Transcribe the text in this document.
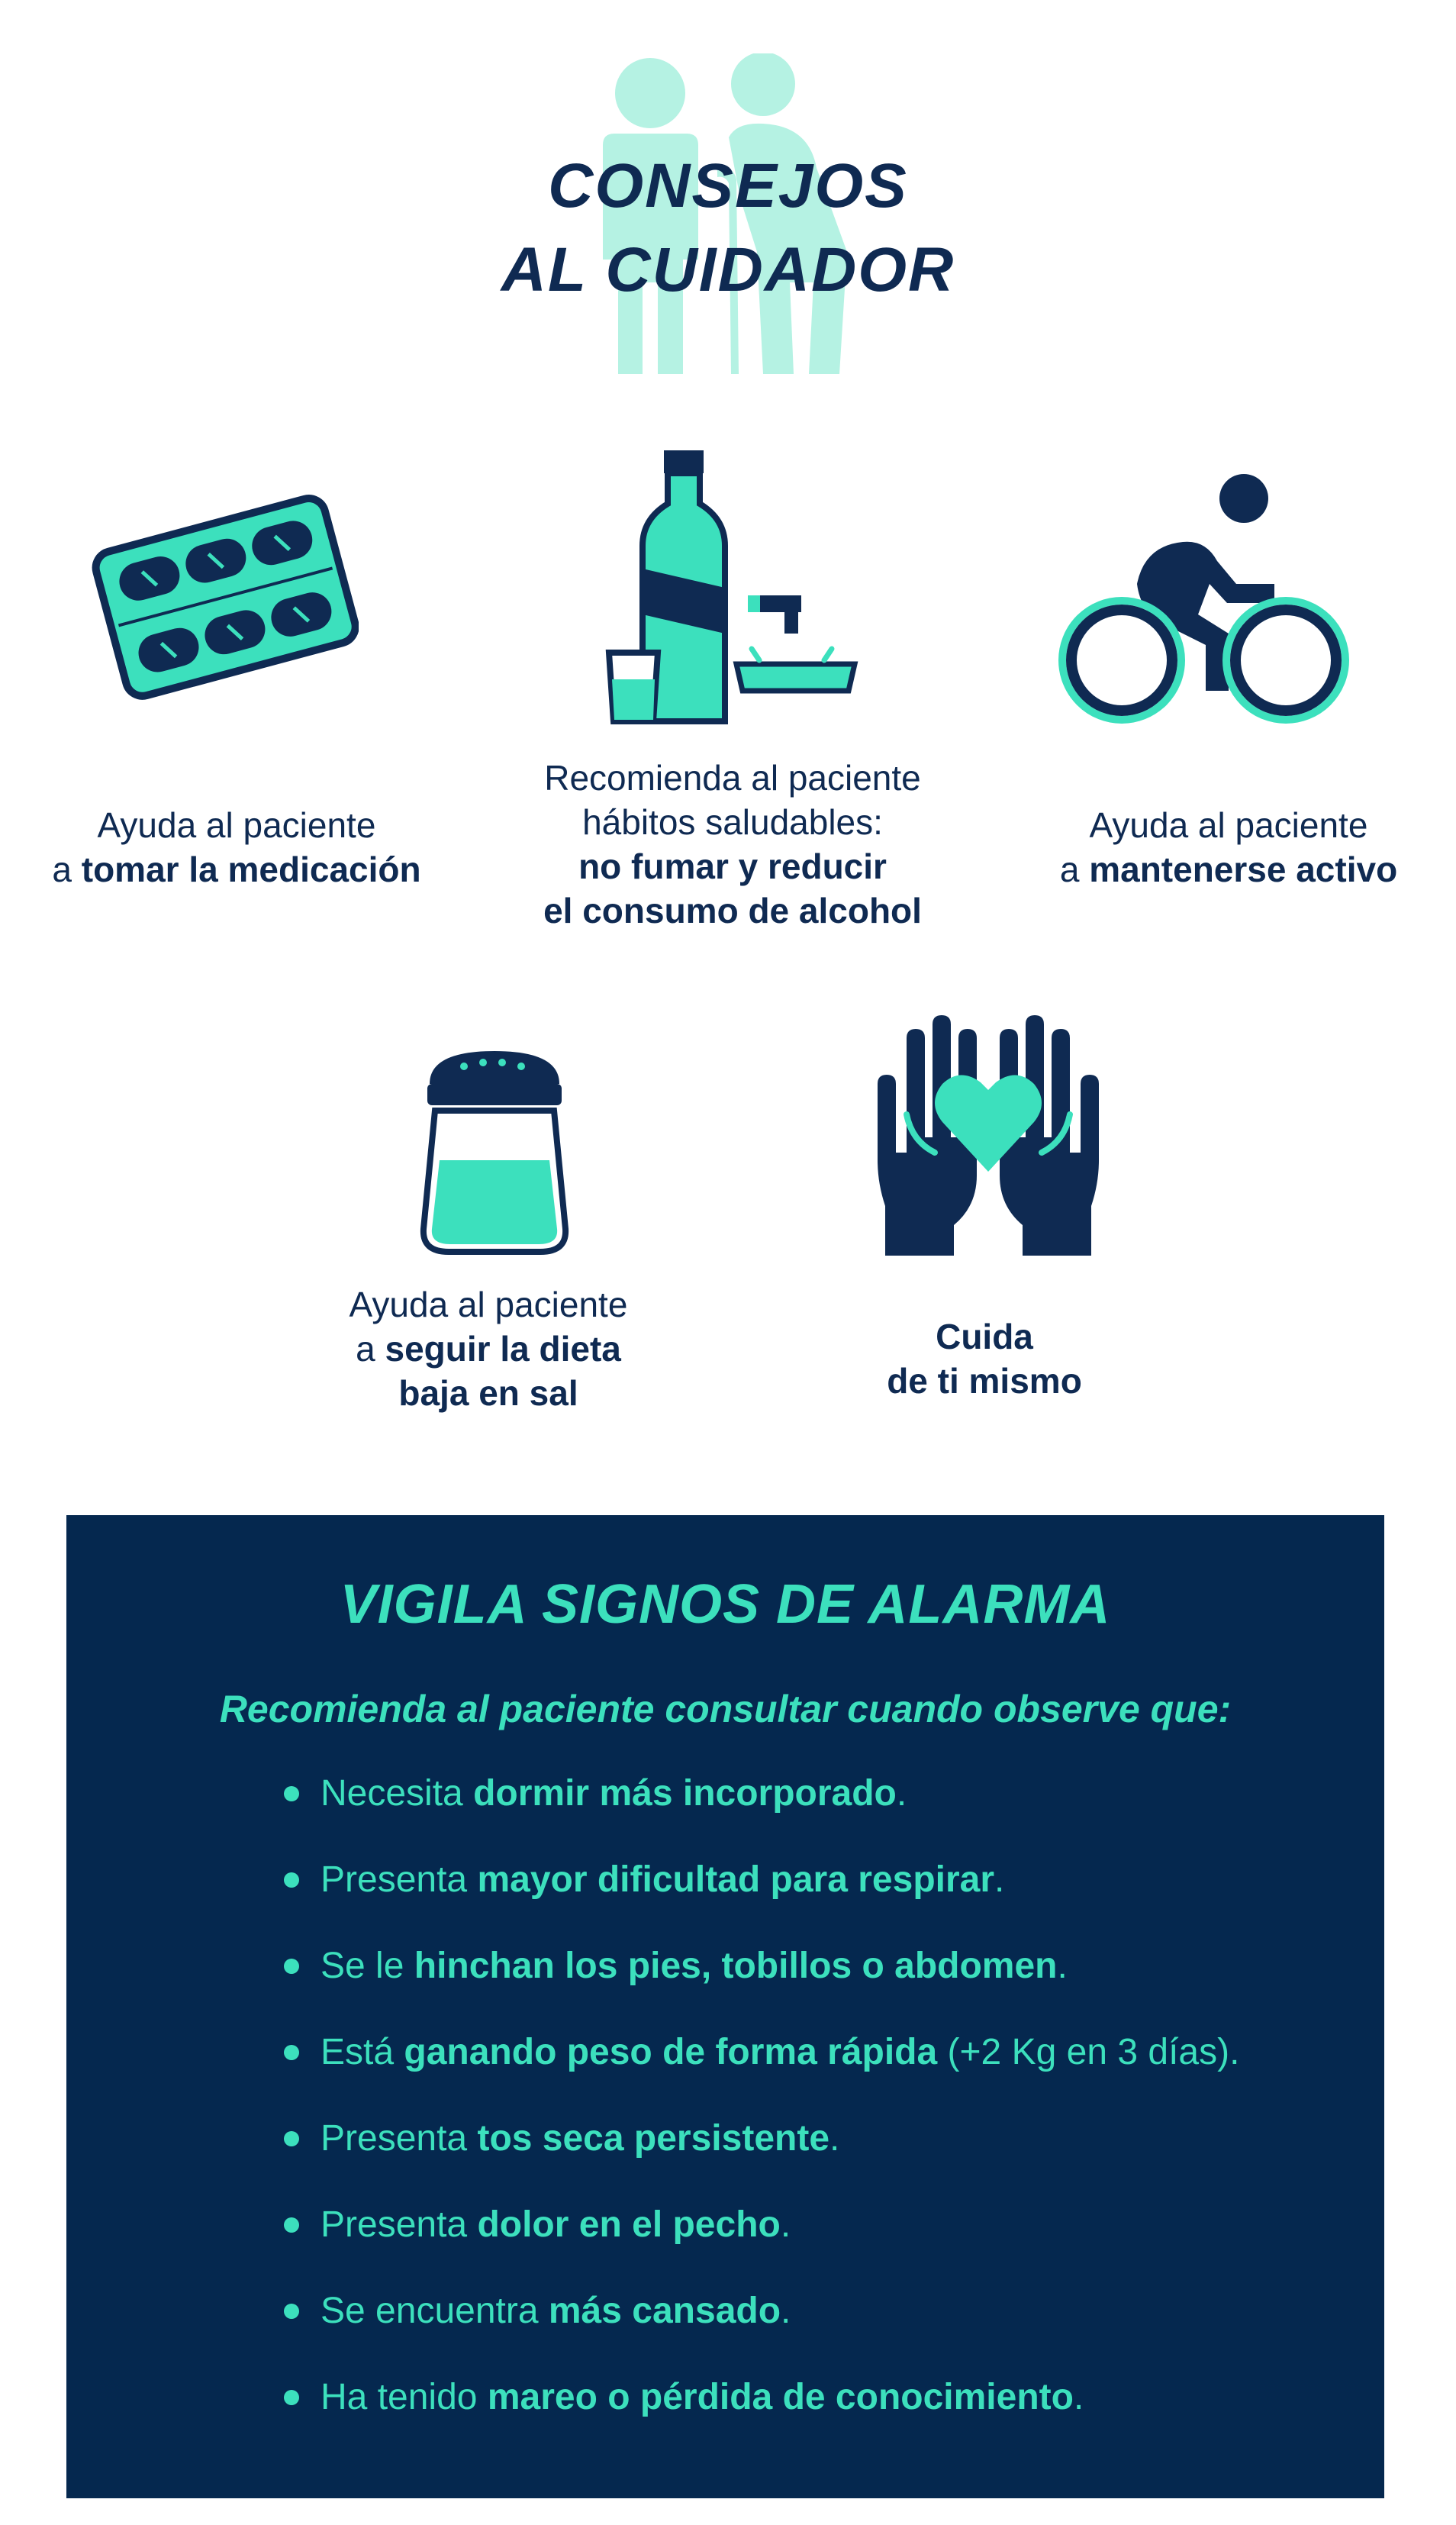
CONSEJOS
AL CUIDADOR
Ayuda al paciente
a tomar la medicación
Recomienda al paciente
hábitos saludables:
no fumar y reducir
el consumo de alcohol
Ayuda al paciente
a mantenerse activo
Ayuda al paciente
a seguir la dieta
baja en sal
Cuida
de ti mismo
VIGILA SIGNOS DE ALARMA
Recomienda al paciente consultar cuando observe que:
Necesita dormir más incorporado.
Presenta mayor dificultad para respirar.
Se le hinchan los pies, tobillos o abdomen.
Está ganando peso de forma rápida (+2 Kg en 3 días).
Presenta tos seca persistente.
Presenta dolor en el pecho.
Se encuentra más cansado.
Ha tenido mareo o pérdida de conocimiento.
